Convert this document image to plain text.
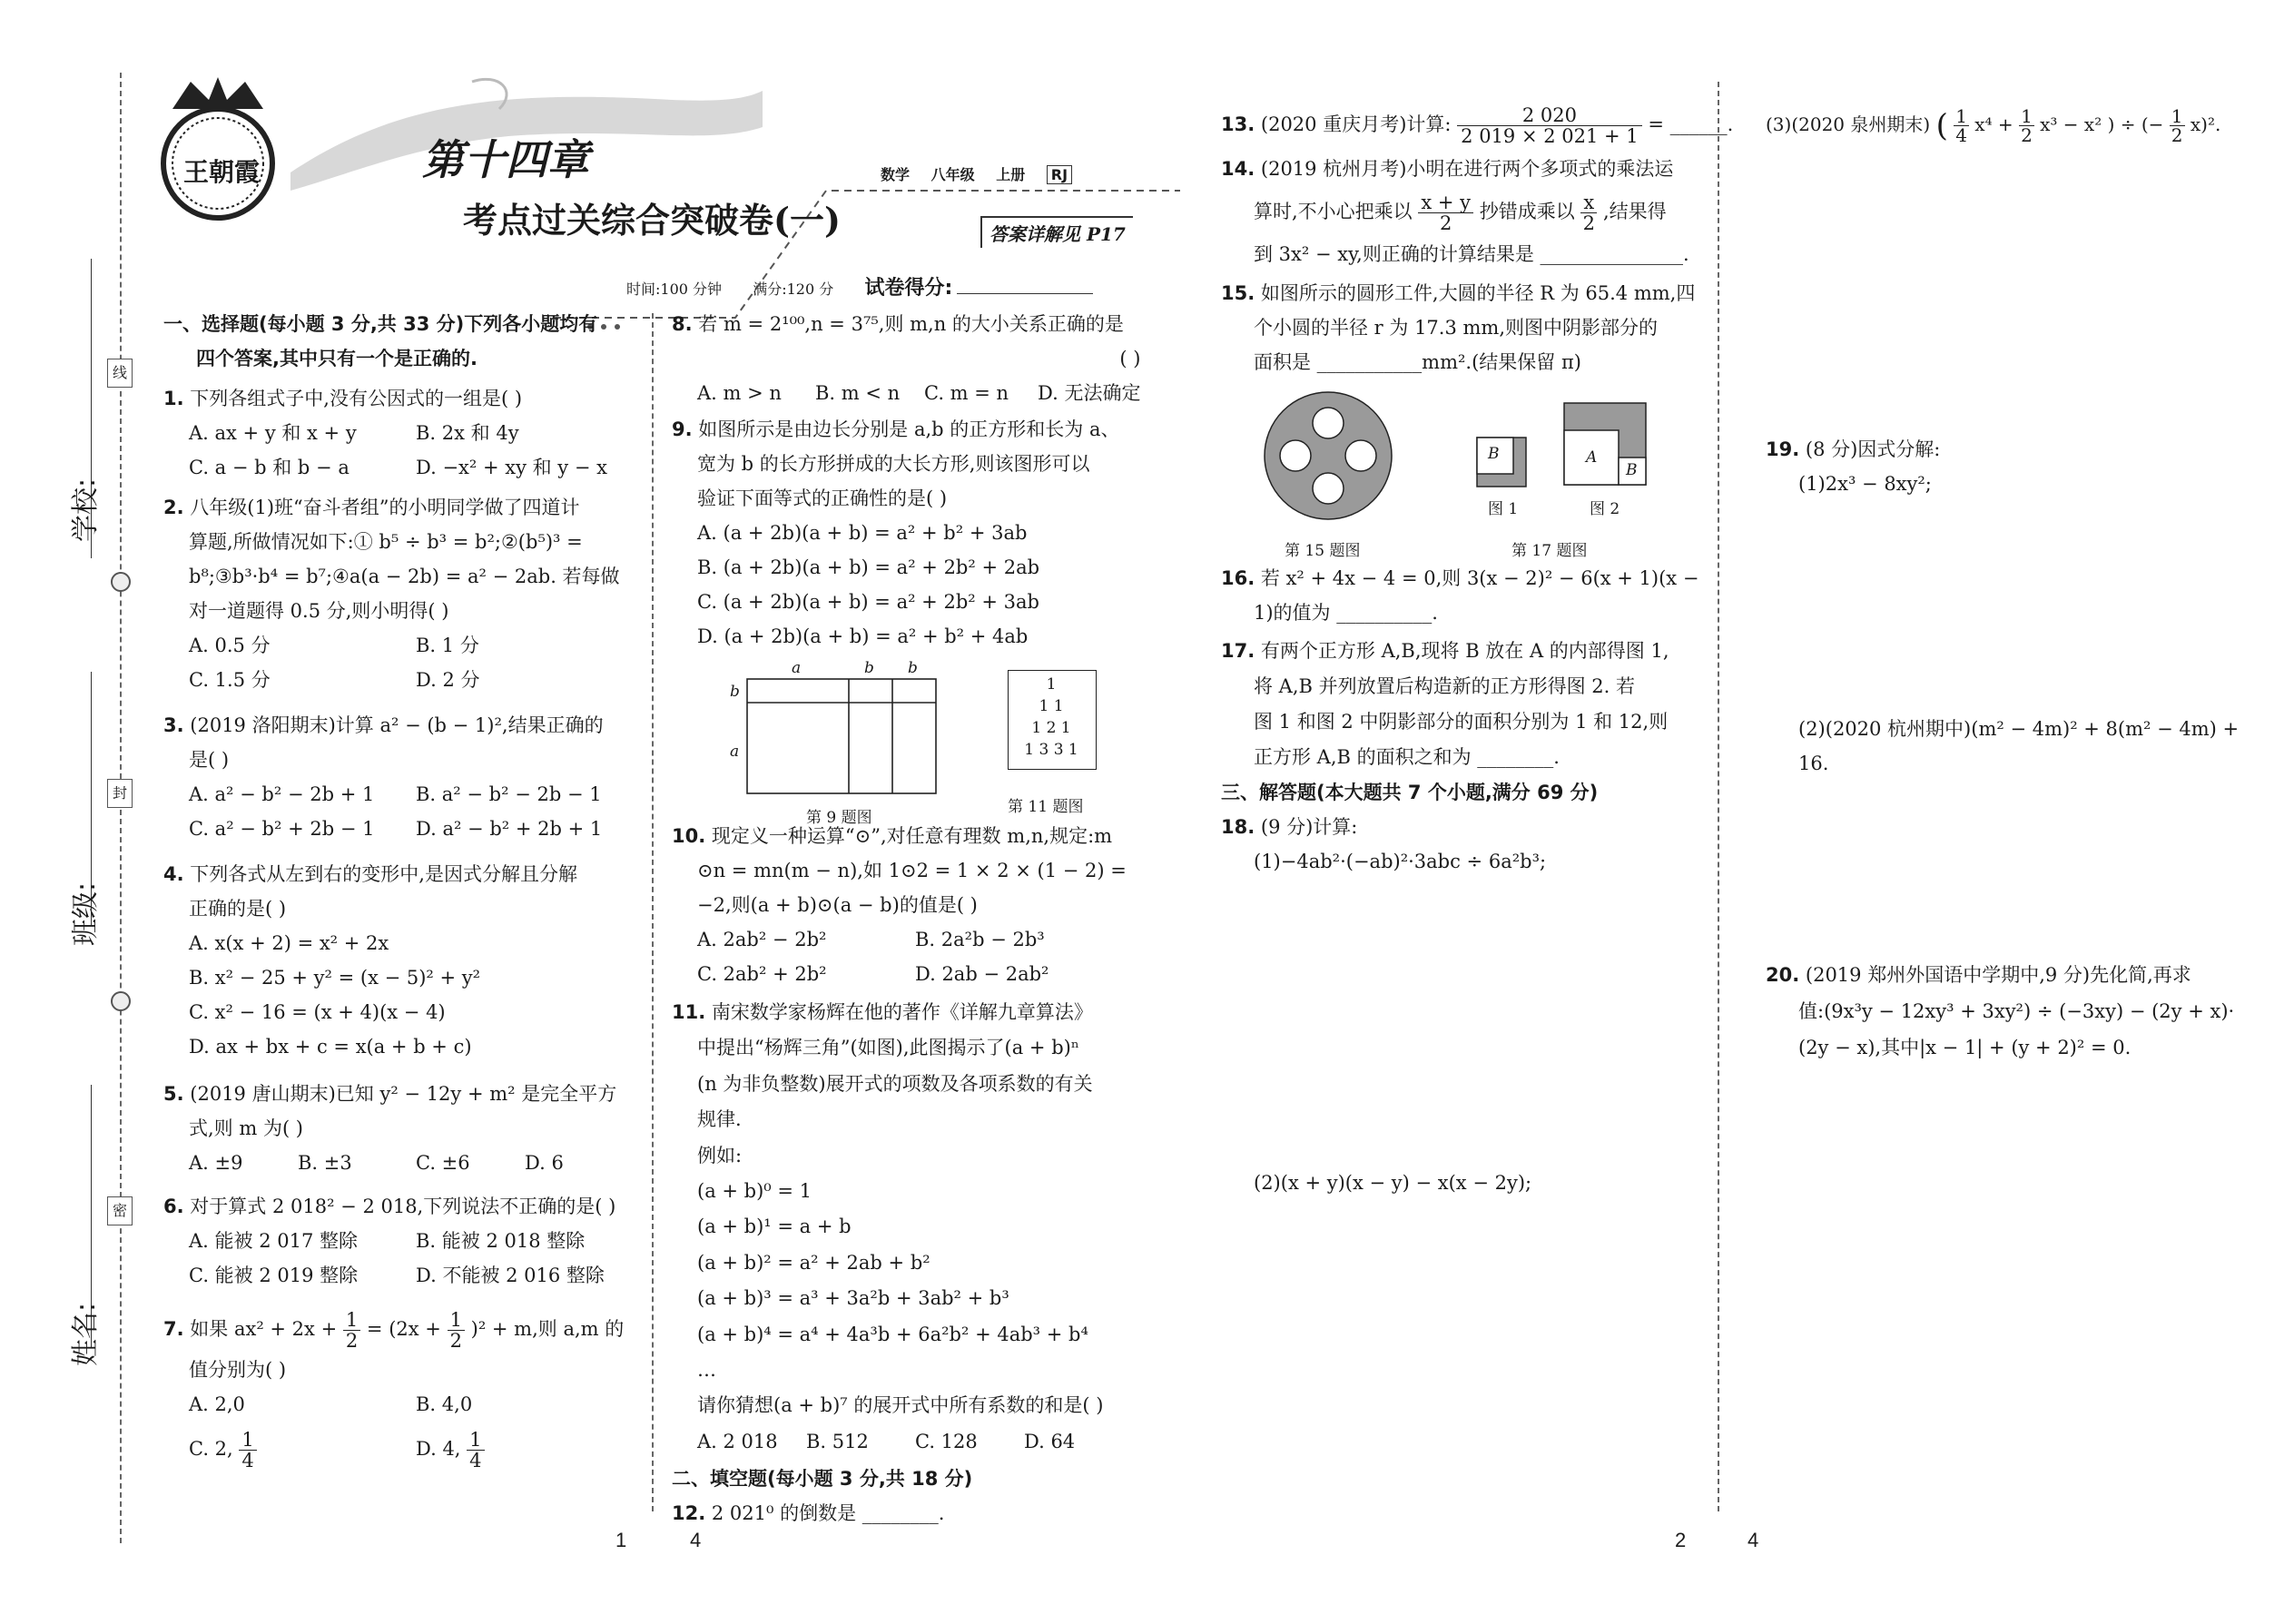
学校:
班级:
姓名:
线
封
密
王朝霞	第十四章	数学 八年级 上册 RJ
考点过关综合突破卷(一)	答案详解见 P17
时间:100 分钟 满分:120 分 试卷得分:
一、选择题(每小题 3 分,共 33 分)下列各小题均有
四个答案,其中只有一个是正确的.
1. 下列各组式子中,没有公因式的一组是( )
A. ax + y 和 x + y	B. 2x 和 4y
C. a − b 和 b − a	D. −x² + xy 和 y − x
2. 八年级(1)班“奋斗者组”的小明同学做了四道计
算题,所做情况如下:① b⁵ ÷ b³ = b²;②(b⁵)³ =
b⁸;③b³·b⁴ = b⁷;④a(a − 2b) = a² − 2ab. 若每做
对一道题得 0.5 分,则小明得( )
A. 0.5 分	B. 1 分
C. 1.5 分	D. 2 分
3. (2019 洛阳期末)计算 a² − (b − 1)²,结果正确的
是( )
A. a² − b² − 2b + 1 B. a² − b² − 2b − 1
C. a² − b² + 2b − 1 D. a² − b² + 2b + 1
4. 下列各式从左到右的变形中,是因式分解且分解
正确的是( )
A. x(x + 2) = x² + 2x
B. x² − 25 + y² = (x − 5)² + y²
C. x² − 16 = (x + 4)(x − 4)
D. ax + bx + c = x(a + b + c)
5. (2019 唐山期末)已知 y² − 12y + m² 是完全平方
式,则 m 为( )
A. ±9	B. ±3	C. ±6	D. 6
6. 对于算式 2 018² − 2 018,下列说法不正确的是( )
A. 能被 2 017 整除	B. 能被 2 018 整除
C. 能被 2 019 整除	D. 不能被 2 016 整除
7. 如果 $ax^2 + 2x + \frac{1}{2} = (2x + \frac{1}{2} )^2 + m$,则 a,m 的
值分别为( )
A. 2,0	B. 4,0
C. 2, $\frac{1}{4}$	D. 4, $\frac{1}{4}$
8. 若 m = 2¹⁰⁰,n = 3⁷⁵,则 m,n 的大小关系正确的是
( )
A. m > n B. m < n C. m = n D. 无法确定
9. 如图所示是由边长分别是 a,b 的正方形和长为 a、
宽为 b 的长方形拼成的大长方形,则该图形可以
验证下面等式的正确性的是( )
A. (a + 2b)(a + b) = a² + b² + 3ab
B. (a + 2b)(a + b) = a² + 2b² + 2ab
C. (a + 2b)(a + b) = a² + 2b² + 3ab
D. (a + 2b)(a + b) = a² + b² + 4ab
a	b b
b
a
第 9 题图
1
1 1
1 2 1
1 3 3 1
第 11 题图
10. 现定义一种运算“⊙”,对任意有理数 m,n,规定:m
⊙n = mn(m − n),如 1⊙2 = 1 × 2 × (1 − 2) =
−2,则(a + b)⊙(a − b)的值是( )
A. 2ab² − 2b²	B. 2a²b − 2b³
C. 2ab² + 2b²	D. 2ab − 2ab²
11. 南宋数学家杨辉在他的著作《详解九章算法》
中提出“杨辉三角”(如图),此图揭示了(a + b)ⁿ
(n 为非负整数)展开式的项数及各项系数的有关
规律.
例如:
(a + b)⁰ = 1
(a + b)¹ = a + b
(a + b)² = a² + 2ab + b²
(a + b)³ = a³ + 3a²b + 3ab² + b³
(a + b)⁴ = a⁴ + 4a³b + 6a²b² + 4ab³ + b⁴
…
请你猜想(a + b)⁷ 的展开式中所有系数的和是( )
A. 2 018 B. 512 C. 128 D. 64
二、填空题(每小题 3 分,共 18 分)
12. 2 021⁰ 的倒数是 ________.
13. (2020 重庆月考)计算: $\frac{2 020}{2 019 \times 2 021 + 1}$ = ______.
14. (2019 杭州月考)小明在进行两个多项式的乘法运
算时,不小心把乘以 $\frac{x + y}{2}$ 抄错成乘以 $\frac{x}{2}$ ,结果得
到 3x² − xy,则正确的计算结果是 _______________.
15. 如图所示的圆形工件,大圆的半径 R 为 65.4 mm,四
个小圆的半径 r 为 17.3 mm,则图中阴影部分的
面积是 ___________mm².(结果保留 π)
第 15 题图
B	A
B
图 1	图 2
第 17 题图
16. 若 x² + 4x − 4 = 0,则 3(x − 2)² − 6(x + 1)(x −
1)的值为 __________.
17. 有两个正方形 A,B,现将 B 放在 A 的内部得图 1,
将 A,B 并列放置后构造新的正方形得图 2. 若
图 1 和图 2 中阴影部分的面积分别为 1 和 12,则
正方形 A,B 的面积之和为 ________.
三、解答题(本大题共 7 个小题,满分 69 分)
18. (9 分)计算:
(1)−4ab²·(−ab)²·3abc ÷ 6a²b³;
(2)(x + y)(x − y) − x(x − 2y);
(3)(2020 泉州期末) ( $\frac{1}{4} x^4 + \frac{1}{2} x^3 - x^2$ ) ÷ (− $\frac{1}{2} x)^2$.
19. (8 分)因式分解:
(1)2x³ − 8xy²;
(2)(2020 杭州期中)(m² − 4m)² + 8(m² − 4m) +
16.
20. (2019 郑州外国语中学期中,9 分)先化简,再求
值:(9x³y − 12xy³ + 3xy²) ÷ (−3xy) − (2y + x)·
(2y − x),其中|x − 1| + (y + 2)² = 0.
1	4	2	4
